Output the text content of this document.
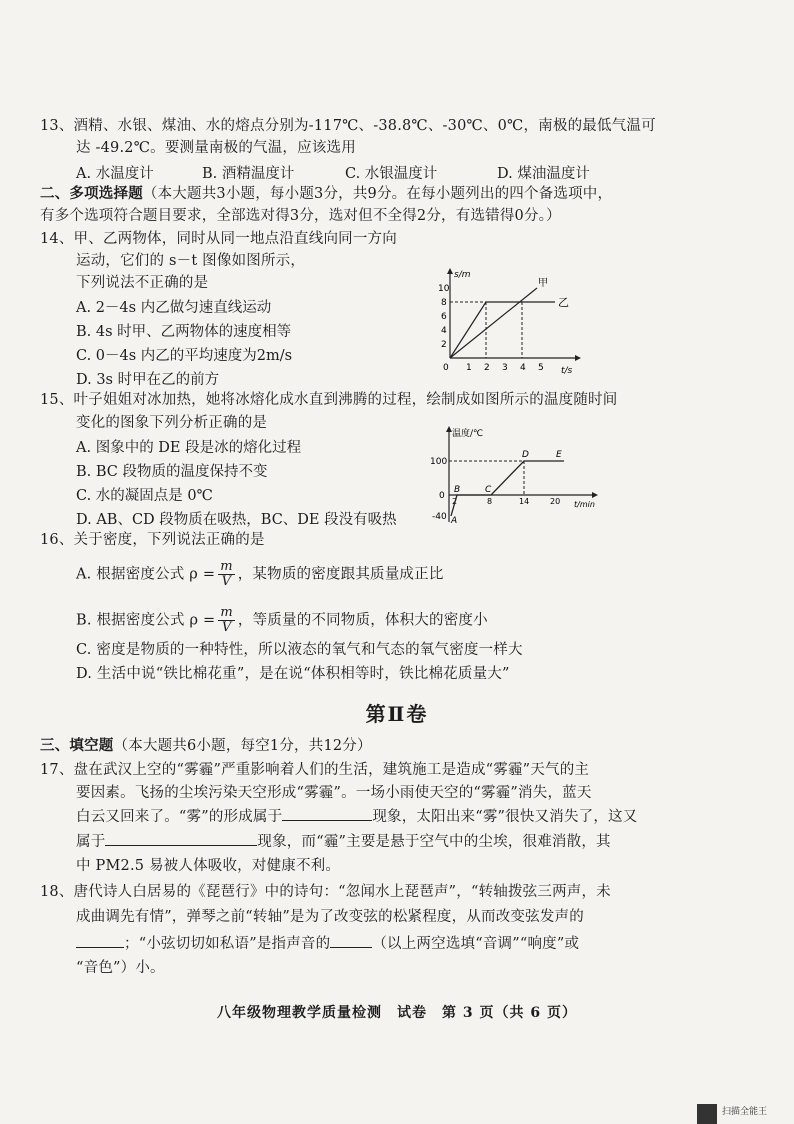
13、酒精、水银、煤油、水的熔点分别为-117℃、-38.8℃、-30℃、0℃，南极的最低气温可
达 -49.2℃。要测量南极的气温，应该选用
A. 水温度计	B. 酒精温度计	C. 水银温度计	D. 煤油温度计
二、多项选择题（本大题共3小题，每小题3分，共9分。在每小题列出的四个备选项中，
有多个选项符合题目要求，全部选对得3分，选对但不全得2分，有选错得0分。）
14、甲、乙两物体，同时从同一地点沿直线向同一方向
运动，它们的 s－t 图像如图所示，
下列说法不正确的是
A. 2－4s 内乙做匀速直线运动
B. 4s 时甲、乙两物体的速度相等
C. 0－4s 内乙的平均速度为2m/s
D. 3s 时甲在乙的前方
s/m
t/s
10
8
6
4
2
0 1 2 3 4 5
甲
乙
15、叶子姐姐对冰加热，她将冰熔化成水直到沸腾的过程，绘制成如图所示的温度随时间
变化的图象下列分析正确的是
A. 图象中的 DE 段是冰的熔化过程
B. BC 段物质的温度保持不变
C. 水的凝固点是 0℃
D. AB、CD 段物质在吸热，BC、DE 段没有吸热
温度/℃
t/min
100
0
-40
2	8	14	20
A
B	C
D	E
16、关于密度，下列说法正确的是
A. 根据密度公式 $\rho = \frac{m}{V}$ ，某物质的密度跟其质量成正比
B. 根据密度公式 $\rho = \frac{m}{V}$ ，等质量的不同物质，体积大的密度小
C. 密度是物质的一种特性，所以液态的氧气和气态的氧气密度一样大
D. 生活中说“铁比棉花重”，是在说“体积相等时，铁比棉花质量大”
第Ⅱ卷
三、填空题（本大题共6小题，每空1分，共12分）
17、盘在武汉上空的“雾霾”严重影响着人们的生活，建筑施工是造成“雾霾”天气的主
要因素。飞扬的尘埃污染天空形成“雾霾”。一场小雨使天空的“雾霾”消失，蓝天
白云又回来了。“雾”的形成属于	现象，太阳出来“雾”很快又消失了，这又
属于	现象，而“霾”主要是悬于空气中的尘埃，很难消散，其
中 PM2.5 易被人体吸收，对健康不利。
18、唐代诗人白居易的《琵琶行》中的诗句：“忽闻水上琵琶声”，“转轴拨弦三两声，未
成曲调先有情”，弹琴之前“转轴”是为了改变弦的松紧程度，从而改变弦发声的
；“小弦切切如私语”是指声音的	（以上两空选填“音调”“响度”或
“音色”）小。
八年级物理教学质量检测　试卷　第 3 页（共 6 页）
扫描全能王
